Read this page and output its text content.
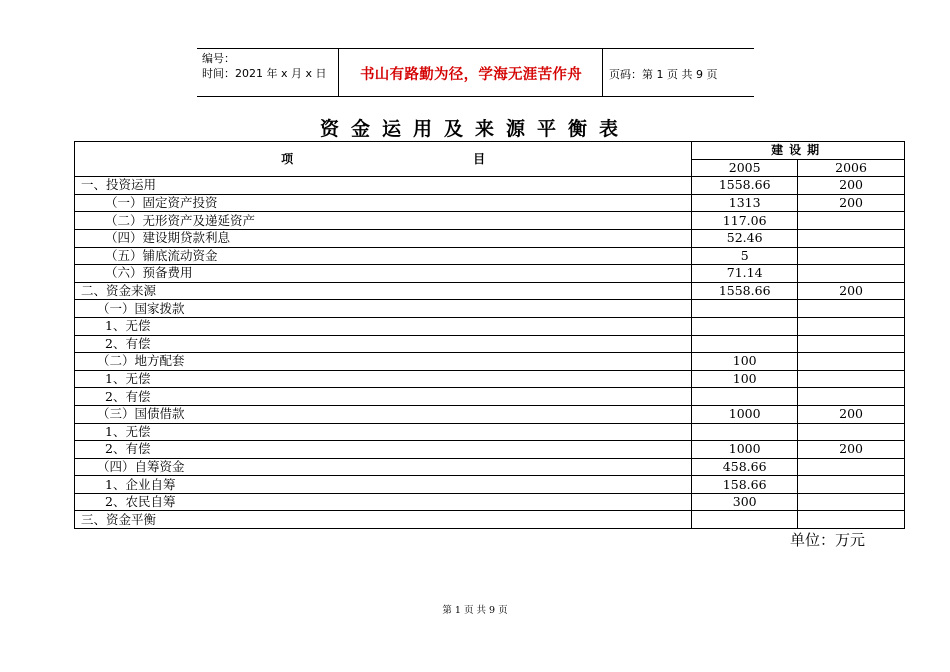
编号：
时间：2021 年 x 月 x 日	书山有路勤为径，学海无涯苦作舟	页码：第 1 页 共 9 页
资金运用及来源平衡表
项 目	建设期	
	2005	2006
一、投资运用	1558.66	200
（一）固定资产投资	1313	200
（二）无形资产及递延资产	117.06	
（四）建设期贷款利息	52.46	
（五）铺底流动资金	5	
（六）预备费用	71.14	
二、资金来源	1558.66	200
（一）国家拨款		
1、无偿		
2、有偿		
（二）地方配套	100	
1、无偿	100	
2、有偿		
（三）国债借款	1000	200
1、无偿		
2、有偿	1000	200
（四）自筹资金	458.66	
1、企业自筹	158.66	
2、农民自筹	300	
三、资金平衡		
单位：万元
第 1 页 共 9 页
